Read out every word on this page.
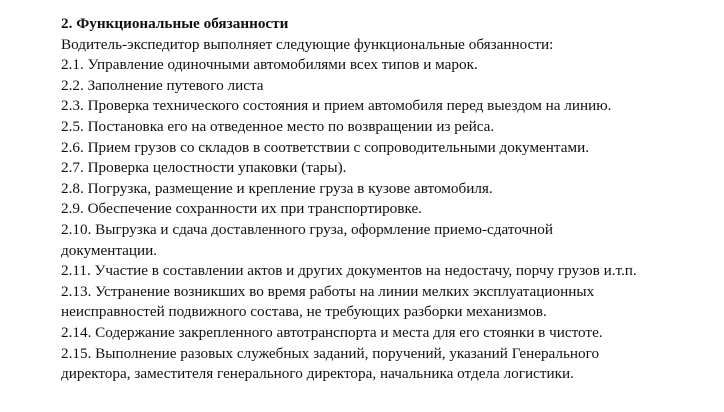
2. Функциональные обязанности

Водитель-экспедитор выполняет следующие функциональные обязанности:

2.1. Управление одиночными автомобилями всех типов и марок.

2.2. Заполнение путевого листа

2.3. Проверка технического состояния и прием автомобиля перед выездом на линию.

2.5. Постановка его на отведенное место по возвращении из рейса.

2.6. Прием грузов со складов в соответствии с сопроводительными документами.

2.7. Проверка целостности упаковки (тары).

2.8. Погрузка, размещение и крепление груза в кузове автомобиля.

2.9. Обеспечение сохранности их при транспортировке.

2.10. Выгрузка и сдача доставленного груза, оформление приемо-сдаточной

документации.

2.11. Участие в составлении актов и других документов на недостачу, порчу грузов и.т.п.

2.13. Устранение возникших во время работы на линии мелких эксплуатационных

неисправностей подвижного состава, не требующих разборки механизмов.

2.14. Содержание закрепленного автотранспорта и места для его стоянки в чистоте.

2.15. Выполнение разовых служебных заданий, поручений, указаний Генерального

директора, заместителя генерального директора, начальника отдела логистики.
